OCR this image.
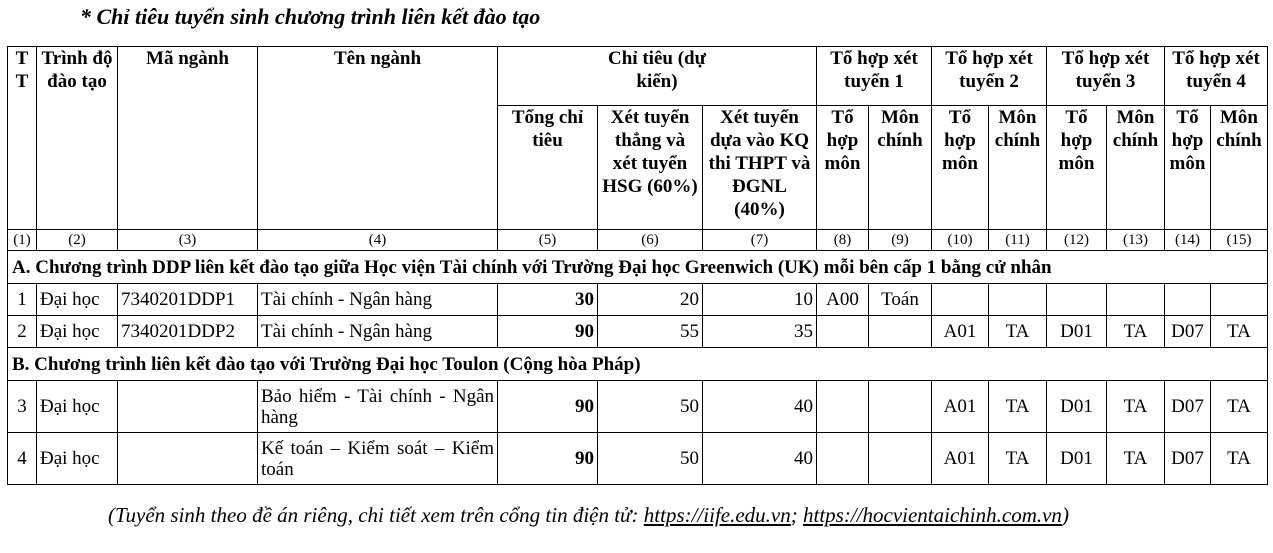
* Chỉ tiêu tuyển sinh chương trình liên kết đào tạo
T T	Trình độ đào tạo	Mã ngành	Tên ngành	Chỉ tiêu (dự kiến)			Tổ hợp xét tuyển 1		Tổ hợp xét tuyển 2		Tổ hợp xét tuyển 3		Tổ hợp xét tuyển 4	
				Tổng chỉ tiêu	Xét tuyển thẳng và xét tuyển HSG (60%)	Xét tuyển dựa vào KQ thi THPT và ĐGNL (40%)	Tổ hợp môn	Môn chính	Tổ hợp môn	Môn chính	Tổ hợp môn	Môn chính	Tổ hợp môn	Môn chính
(1)	(2)	(3)	(4)	(5)	(6)	(7)	(8)	(9)	(10)	(11)	(12)	(13)	(14)	(15)
A. Chương trình DDP liên kết đào tạo giữa Học viện Tài chính với Trường Đại học Greenwich (UK) mỗi bên cấp 1 bằng cử nhân														
1	Đại học	7340201DDP1	Tài chính - Ngân hàng	30	20	10	A00	Toán						
2	Đại học	7340201DDP2	Tài chính - Ngân hàng	90	55	35			A01	TA	D01	TA	D07	TA
B. Chương trình liên kết đào tạo với Trường Đại học Toulon (Cộng hòa Pháp)														
3	Đại học		Bảo hiểm - Tài chính - Ngân hàng	90	50	40			A01	TA	D01	TA	D07	TA
4	Đại học		Kế toán – Kiểm soát – Kiểm toán	90	50	40			A01	TA	D01	TA	D07	TA
(Tuyển sinh theo đề án riêng, chi tiết xem trên cổng tin điện tử: https://iife.edu.vn; https://hocvientaichinh.com.vn)
